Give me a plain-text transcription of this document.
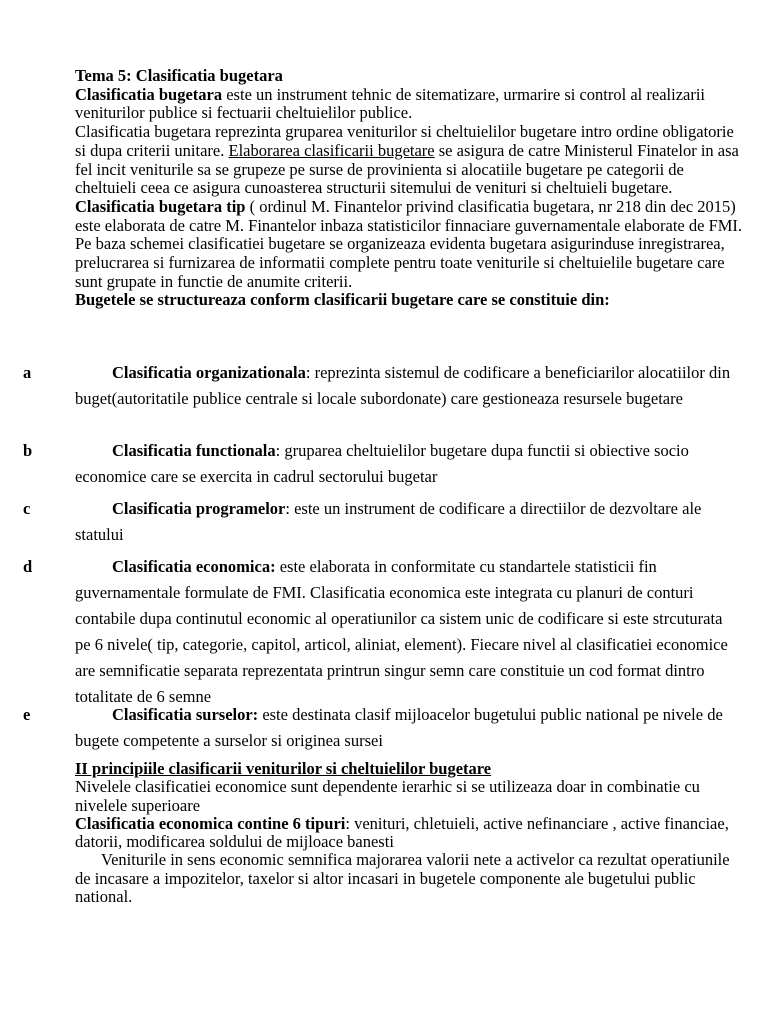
Tema 5: Clasificatia bugetara

Clasificatia bugetara este un instrument tehnic de sitematizare, urmarire si control al realizarii veniturilor publice si fectuarii cheltuielilor publice.

Clasificatia bugetara reprezinta gruparea veniturilor si cheltuielilor bugetare intro ordine obligatorie si dupa criterii unitare. Elaborarea clasificarii bugetare se asigura de catre Ministerul Finatelor in asa fel incit veniturile sa se grupeze pe surse de provinienta si alocatiile bugetare pe categorii de cheltuieli ceea ce asigura cunoasterea structurii sitemului de venituri si cheltuieli bugetare.

Clasificatia bugetara tip ( ordinul M. Finantelor privind clasificatia bugetara, nr 218 din dec 2015) este elaborata de catre M. Finantelor inbaza statisticilor finnaciare guvernamentale elaborate de FMI. Pe baza schemei clasificatiei bugetare se organizeaza evidenta bugetara asigurinduse inregistrarea, prelucrarea si furnizarea de informatii complete pentru toate veniturile si cheltuielile bugetare care sunt grupate in functie de anumite criterii.

Bugetele se structureaza conform clasificarii bugetare care se constituie din:

a	Clasificatia organizationala: reprezinta sistemul de codificare a beneficiarilor alocatiilor din buget(autoritatile publice centrale si locale subordonate) care gestioneaza resursele bugetare
b	Clasificatia functionala: gruparea cheltuielilor bugetare dupa functii si obiective socio economice care se exercita in cadrul sectorului bugetar
c	Clasificatia programelor: este un instrument de codificare a directiilor de dezvoltare ale statului
d	Clasificatia economica: este elaborata in conformitate cu standartele statisticii fin guvernamentale formulate de FMI. Clasificatia economica este integrata cu planuri de conturi contabile dupa continutul economic al operatiunilor ca sistem unic de codificare si este strcuturata pe 6 nivele( tip, categorie, capitol, articol, aliniat, element). Fiecare nivel al clasificatiei economice are semnificatie separata reprezentata printrun singur semn care constituie un cod format dintro totalitate de 6 semne
e	Clasificatia surselor: este destinata clasif mijloacelor bugetului public national pe nivele de bugete competente a surselor si originea sursei

II principiile clasificarii veniturilor si cheltuielilor bugetare

Nivelele clasificatiei economice sunt dependente ierarhic si se utilizeaza doar in combinatie cu nivelele superioare

Clasificatia economica contine 6 tipuri: venituri, chletuieli, active nefinanciare , active financiae, datorii, modificarea soldului de mijloace banesti

Veniturile in sens economic semnifica majorarea valorii nete a activelor ca rezultat operatiunile de incasare a impozitelor, taxelor si altor incasari in bugetele componente ale bugetului public national.
